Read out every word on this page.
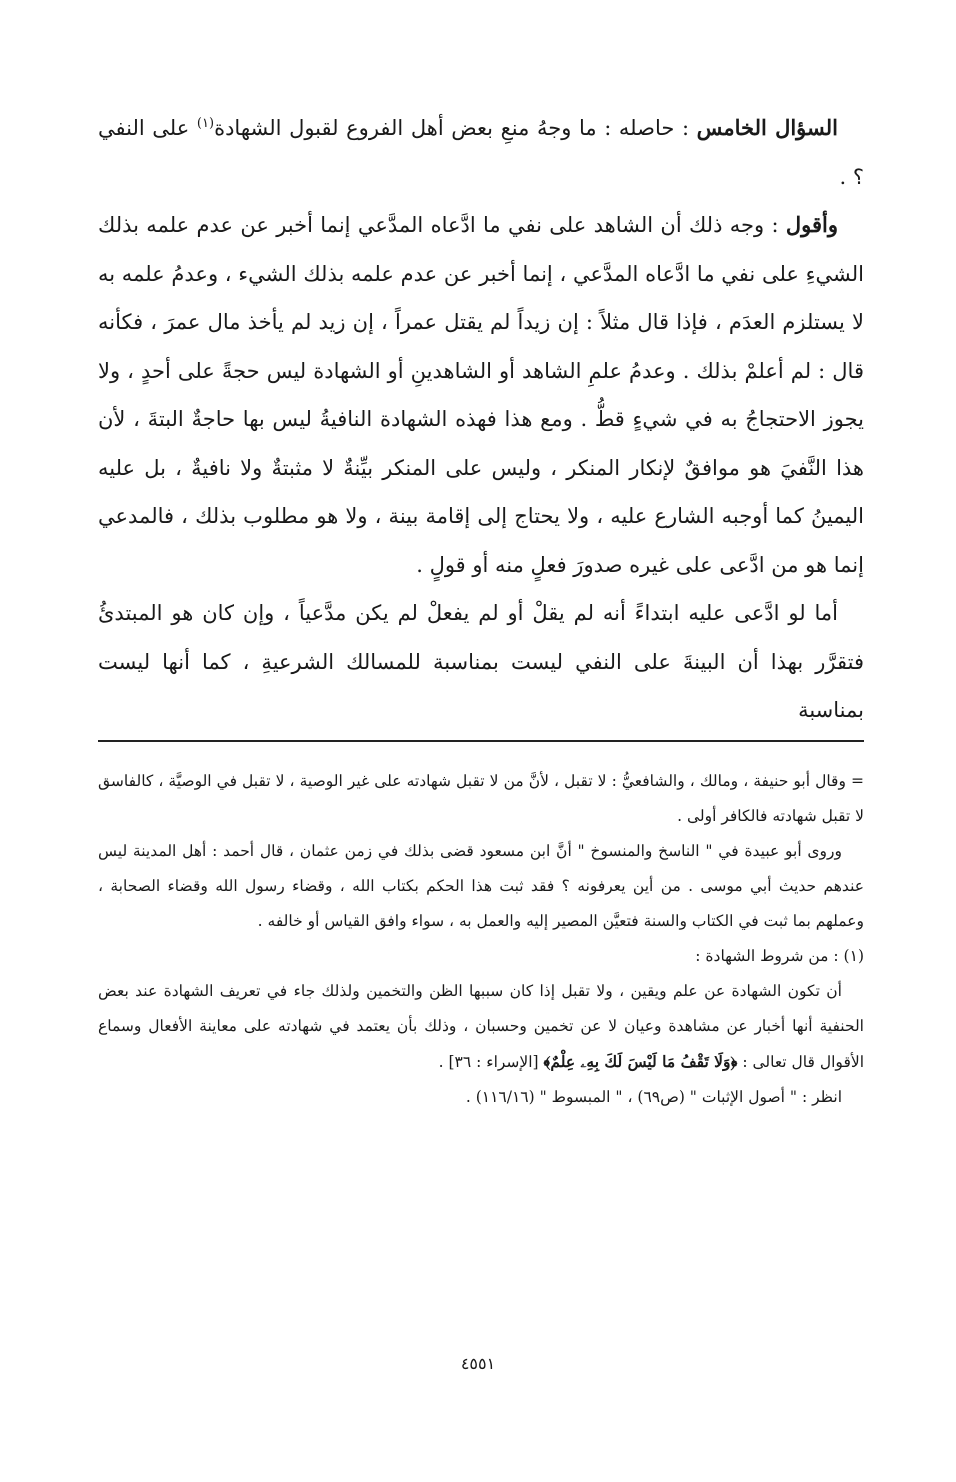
السؤال الخامس : حاصله : ما وجهُ منعِ بعض أهل الفروع لقبول الشهادة$^{(١)}$ على النفي ؟ .

وأقول : وجه ذلك أن الشاهد على نفي ما ادَّعاه المدَّعي إنما أخبر عن عدم علمه بذلك الشيءِ على نفي ما ادَّعاه المدَّعي ، إنما أخبر عن عدم علمه بذلك الشيء ، وعدمُ علمه به لا يستلزم العدَم ، فإذا قال مثلاً : إن زيداً لم يقتل عمراً ، إن زيد لم يأخذ مال عمرَ ، فكأنه قال : لم أعلمْ بذلك . وعدمُ علمِ الشاهد أو الشاهدينِ أو الشهادة ليس حجةً على أحدٍ ، ولا يجوز الاحتجاجُ به في شيءٍ قطُّ . ومع هذا فهذه الشهادة النافيةُ ليس بها حاجةٌ البتةَ ، لأن هذا النَّفيَ هو موافقٌ لإنكار المنكر ، وليس على المنكر بيِّنةٌ لا مثبتةٌ ولا نافيةٌ ، بل عليه اليمينُ كما أوجبه الشارع عليه ، ولا يحتاج إلى إقامة بينة ، ولا هو مطلوب بذلك ، فالمدعي إنما هو من ادَّعى على غيره صدورَ فعلٍ منه أو قولٍ .

أما لو ادَّعى عليه ابتداءً أنه لم يقلْ أو لم يفعلْ لم يكن مدَّعياً ، وإن كان هو المبتدئُ فتقرَّر بهذا أن البينةَ على النفي ليست بمناسبة للمسالك الشرعيةِ ، كما أنها ليست بمناسبة

= وقال أبو حنيفة ، ومالك ، والشافعيُّ : لا تقبل ، لأنَّ من لا تقبل شهادته على غير الوصية ، لا تقبل في الوصيَّة ، كالفاسق لا تقبل شهادته فالكافر أولى .

وروى أبو عبيدة في " الناسخ والمنسوخ " أنَّ ابن مسعود قضى بذلك في زمن عثمان ، قال أحمد : أهل المدينة ليس عندهم حديث أبي موسى . من أين يعرفونه ؟ فقد ثبت هذا الحكم بكتاب الله ، وقضاء رسول الله وقضاء الصحابة ، وعملهم بما ثبت في الكتاب والسنة فتعيَّن المصير إليه والعمل به ، سواء وافق القياس أو خالفه .

(١) : من شروط الشهادة :

أن تكون الشهادة عن علم ويقين ، ولا تقبل إذا كان سببها الظن والتخمين ولذلك جاء في تعريف الشهادة عند بعض الحنفية أنها أخبار عن مشاهدة وعيان لا عن تخمين وحسبان ، وذلك بأن يعتمد في شهادته على معاينة الأفعال وسماع الأقوال قال تعالى : ﴿وَلَا تَقْفُ مَا لَيْسَ لَكَ بِهِۦ عِلْمٌ﴾ [الإسراء : ٣٦] .

انظر : " أصول الإثبات " (ص٦٩) ، " المبسوط " (١١٦/١٦) .

٤٥٥١
